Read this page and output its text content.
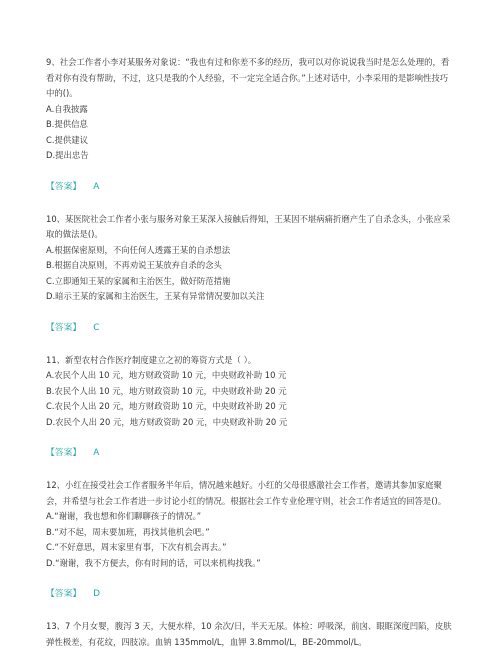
9、社会工作者小李对某服务对象说：“我也有过和你差不多的经历，我可以对你说说我当时是怎么处理的，看看对你有没有帮助，不过，这只是我的个人经验，不一定完全适合你。”上述对话中，小李采用的是影响性技巧中的()。

A.自我披露

B.提供信息

C.提供建议

D.提出忠告

【答案】 A

10、某医院社会工作者小张与服务对象王某深入接触后得知，王某因不堪病痛折磨产生了自杀念头，小张应采取的做法是()。

A.根据保密原则，不向任何人透露王某的自杀想法

B.根据自决原则，不再劝说王某放弃自杀的念头

C.立即通知王某的家属和主治医生，做好防范措施

D.暗示王某的家属和主治医生，王某有异常情况要加以关注

【答案】 C

11、新型农村合作医疗制度建立之初的筹资方式是（ ）。

A.农民个人出 10 元，地方财政资助 10 元，中央财政补助 10 元

B.农民个人出 10 元，地方财政资助 10 元，中央财政补助 20 元

C.农民个人出 20 元，地方财政资助 10 元，中央财政补助 20 元

D.农民个人出 20 元，地方财政资助 20 元，中央财政补助 20 元

【答案】 A

12、小红在接受社会工作者服务半年后，情况越来越好。小红的父母很感激社会工作者，邀请其参加家庭聚会，并希望与社会工作者进一步讨论小红的情况。根据社会工作专业伦理守则，社会工作者适宜的回答是()。

A.“谢谢，我也想和你们聊聊孩子的情况。”

B.“对不起，周末要加班，再找其他机会吧。”

C.“不好意思，周末家里有事，下次有机会再去。”

D.“谢谢，我不方便去，你有时间的话，可以来机构找我。”

【答案】 D

13、7 个月女婴，腹泻 3 天，大便水样，10 余次/日，半天无尿。体检：呼吸深，前囟、眼眶深度凹陷，皮肤弹性极差，有花纹，四肢凉。血钠 135mmol/L，血钾 3.8mmol/L，BE-20mmol/L。
